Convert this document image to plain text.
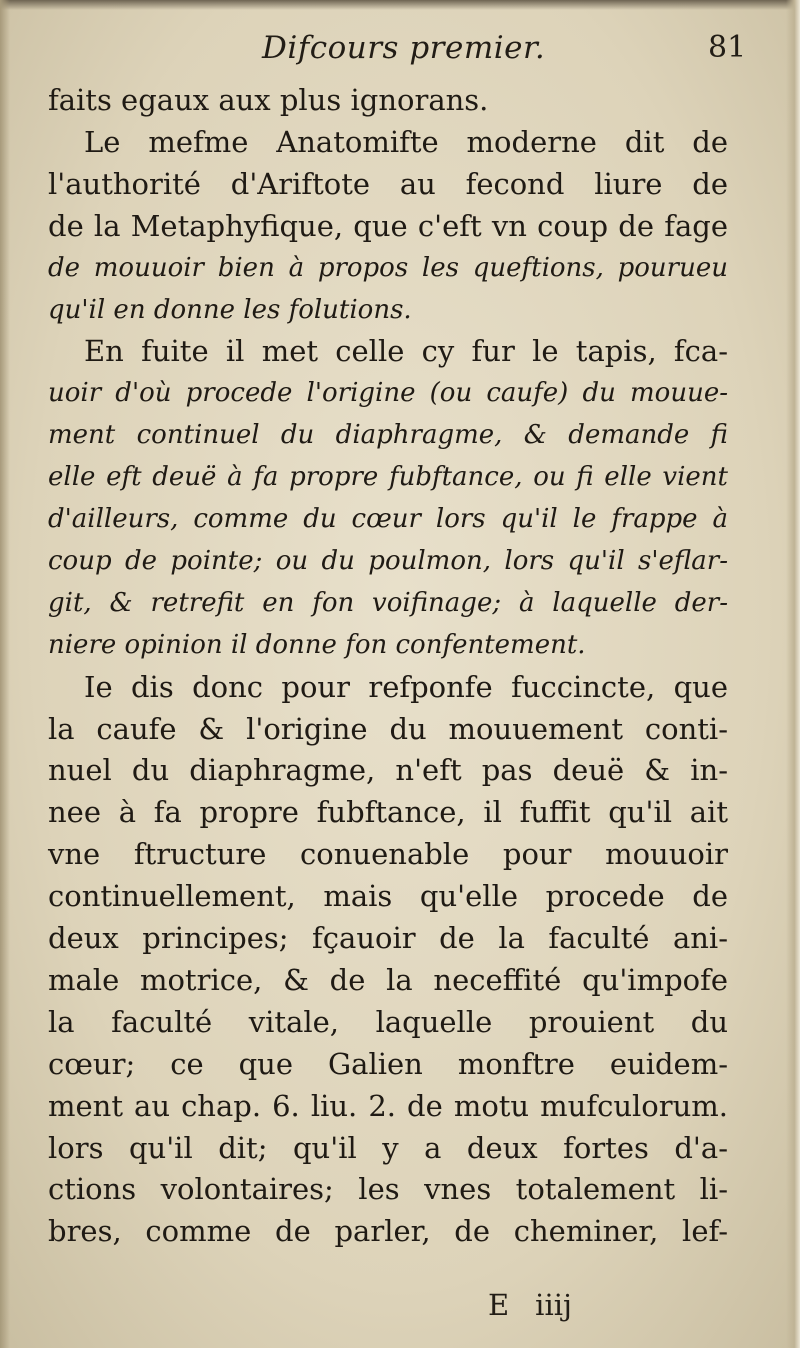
Difcours premier.	81
faits egaux aux plus ignorans.
Le mefme Anatomifte moderne dit de
l'authorité d'Ariftote au fecond liure de
de la Metaphyfique, que c'eft vn coup de fage
de mouuoir bien à propos les queftions, pourueu
qu'il en donne les folutions.
En fuite il met celle cy fur le tapis, fca-
uoir d'où procede l'origine (ou caufe) du mouue-
ment continuel du diaphragme, & demande fi
elle eft deuë à fa propre fubftance, ou fi elle vient
d'ailleurs, comme du cœur lors qu'il le frappe à
coup de pointe; ou du poulmon, lors qu'il s'eflar-
git, & retrefit en fon voifinage; à laquelle der-
niere opinion il donne fon confentement.
Ie dis donc pour refponfe fuccincte, que
la caufe & l'origine du mouuement conti-
nuel du diaphragme, n'eft pas deuë & in-
nee à fa propre fubftance, il fuffit qu'il ait
vne ftructure conuenable pour mouuoir
continuellement, mais qu'elle procede de
deux principes; fçauoir de la faculté ani-
male motrice, & de la neceffité qu'impofe
la faculté vitale, laquelle prouient du
cœur; ce que Galien monftre euidem-
ment au chap. 6. liu. 2. de motu mufculorum.
lors qu'il dit; qu'il y a deux fortes d'a-
ctions volontaires; les vnes totalement li-
bres, comme de parler, de cheminer, lef-
E iiij
